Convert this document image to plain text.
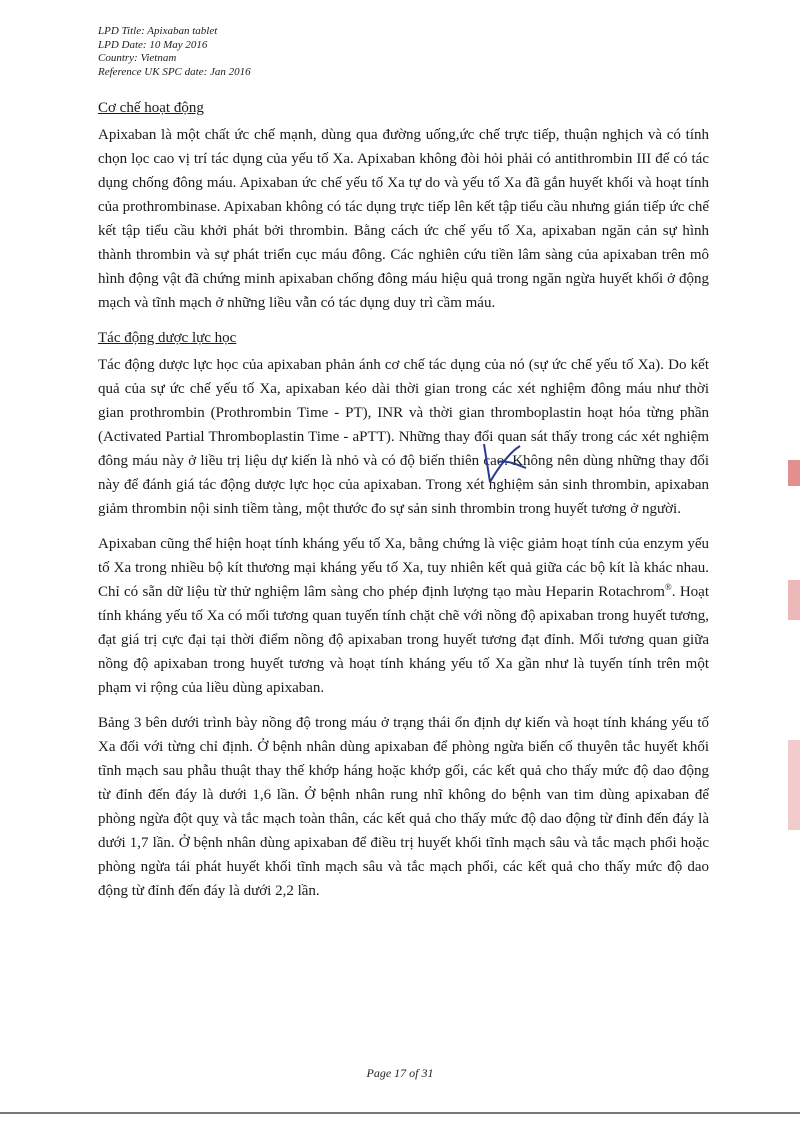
LPD Title: Apixaban tablet
LPD Date: 10 May 2016
Country: Vietnam
Reference UK SPC date: Jan 2016

Cơ chế hoạt động

Apixaban là một chất ức chế mạnh, dùng qua đường uống,ức chế trực tiếp, thuận nghịch và có tính chọn lọc cao vị trí tác dụng của yếu tố Xa. Apixaban không đòi hỏi phải có antithrombin III để có tác dụng chống đông máu. Apixaban ức chế yếu tố Xa tự do và yếu tố Xa đã gắn huyết khối và hoạt tính của prothrombinase. Apixaban không có tác dụng trực tiếp lên kết tập tiểu cầu nhưng gián tiếp ức chế kết tập tiểu cầu khởi phát bởi thrombin. Bằng cách ức chế yếu tố Xa, apixaban ngăn cản sự hình thành thrombin và sự phát triển cục máu đông. Các nghiên cứu tiền lâm sàng của apixaban trên mô hình động vật đã chứng minh apixaban chống đông máu hiệu quả trong ngăn ngừa huyết khối ở động mạch và tĩnh mạch ở những liều vẫn có tác dụng duy trì cầm máu.

Tác động dược lực học

Tác động dược lực học của apixaban phản ánh cơ chế tác dụng của nó (sự ức chế yếu tố Xa). Do kết quả của sự ức chế yếu tố Xa, apixaban kéo dài thời gian trong các xét nghiệm đông máu như thời gian prothrombin (Prothrombin Time - PT), INR và thời gian thromboplastin hoạt hóa từng phần (Activated Partial Thromboplastin Time - aPTT). Những thay đổi quan sát thấy trong các xét nghiệm đông máu này ở liều trị liệu dự kiến là nhỏ và có độ biến thiên cao. Không nên dùng những thay đổi này để đánh giá tác động dược lực học của apixaban. Trong xét nghiệm sản sinh thrombin, apixaban giảm thrombin nội sinh tiềm tàng, một thước đo sự sản sinh thrombin trong huyết tương ở người.

Apixaban cũng thể hiện hoạt tính kháng yếu tố Xa, bằng chứng là việc giảm hoạt tính của enzym yếu tố Xa trong nhiều bộ kít thương mại kháng yếu tố Xa, tuy nhiên kết quả giữa các bộ kít là khác nhau. Chỉ có sẵn dữ liệu từ thử nghiệm lâm sàng cho phép định lượng tạo màu Heparin Rotachrom®. Hoạt tính kháng yếu tố Xa có mối tương quan tuyến tính chặt chẽ với nồng độ apixaban trong huyết tương, đạt giá trị cực đại tại thời điểm nồng độ apixaban trong huyết tương đạt đỉnh. Mối tương quan giữa nồng độ apixaban trong huyết tương và hoạt tính kháng yếu tố Xa gần như là tuyến tính trên một phạm vi rộng của liều dùng apixaban.

Bảng 3 bên dưới trình bày nồng độ trong máu ở trạng thái ổn định dự kiến và hoạt tính kháng yếu tố Xa đối với từng chỉ định. Ở bệnh nhân dùng apixaban để phòng ngừa biến cố thuyên tắc huyết khối tĩnh mạch sau phẫu thuật thay thế khớp háng hoặc khớp gối, các kết quả cho thấy mức độ dao động từ đỉnh đến đáy là dưới 1,6 lần. Ở bệnh nhân rung nhĩ không do bệnh van tim dùng apixaban để phòng ngừa đột quỵ và tắc mạch toàn thân, các kết quả cho thấy mức độ dao động từ đỉnh đến đáy là dưới 1,7 lần. Ở bệnh nhân dùng apixaban để điều trị huyết khối tĩnh mạch sâu và tắc mạch phổi hoặc phòng ngừa tái phát huyết khối tĩnh mạch sâu và tắc mạch phổi, các kết quả cho thấy mức độ dao động từ đỉnh đến đáy là dưới 2,2 lần.

Page 17 of 31
